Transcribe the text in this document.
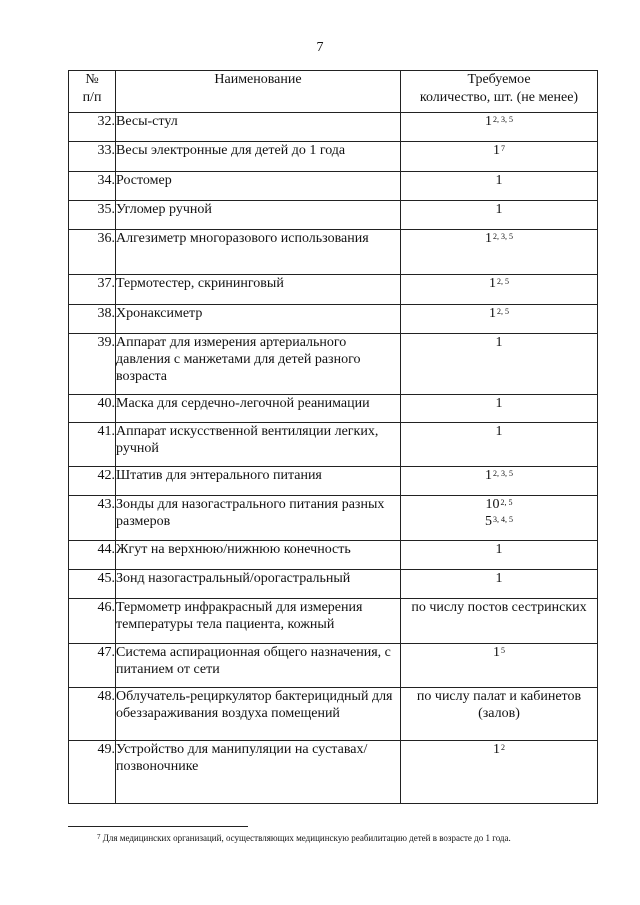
7
№
п/п	Наименование	Требуемое
количество, шт. (не менее)
32.	Весы-стул	1$^{2, 3, 5}$

33.	Весы электронные для детей до 1 года	$1^7$

34.	Ростомер	1

35.	Угломер ручной	1

36.	Алгезиметр многоразового использования	1$^{2, 3, 5}$

37.	Термотестер, скрининговый	1$^{2, 5}$

38.	Хронаксиметр	1$^{2, 5}$

39.	Аппарат для измерения артериального давления с манжетами для детей разного возраста	1

40.	Маска для сердечно-легочной реанимации	1

41.	Аппарат искусственной вентиляции легких, ручной	1

42.	Штатив для энтерального питания	1$^{2, 3, 5}$

43.	Зонды для назогастрального питания разных размеров	10$^{2, 5}$
5$^{3, 4, 5}$

44.	Жгут на верхнюю/нижнюю конечность	1

45.	Зонд назогастральный/орогастральный	1

46.	Термометр инфракрасный для измерения температуры тела пациента, кожный	по числу постов сестринских

47.	Система аспирационная общего назначения, с питанием от сети	$1^5$

48.	Облучатель-рециркулятор бактерицидный для обеззараживания воздуха помещений	по числу палат и кабинетов (залов)

49.	Устройство для манипуляции на суставах/позвоночнике	$1^2$
$^7$ Для медицинских организаций, осуществляющих медицинскую реабилитацию детей в возрасте до 1 года.
